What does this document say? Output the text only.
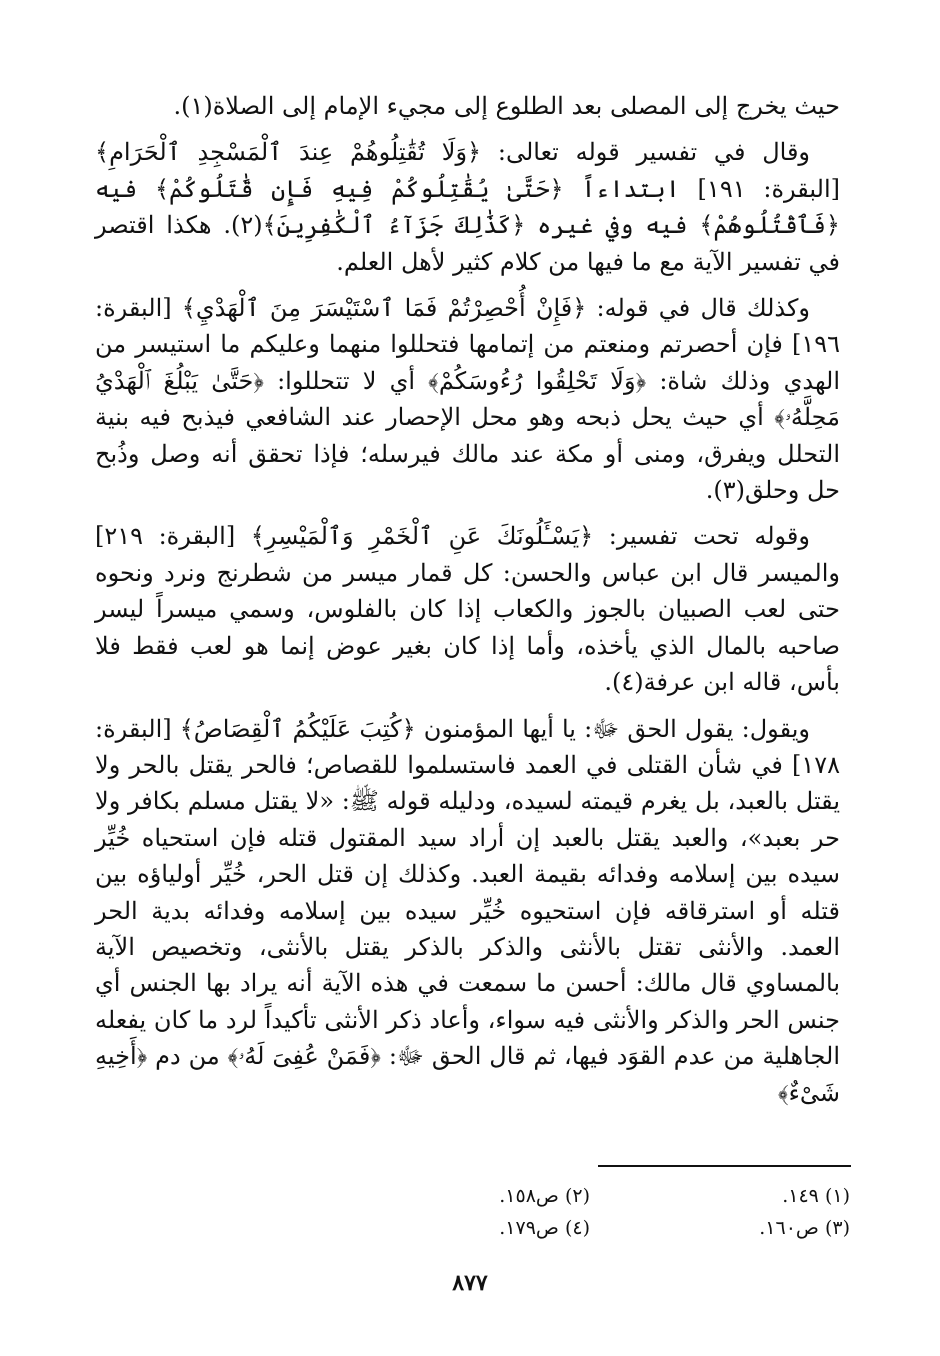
حيث يخرج إلى المصلى بعد الطلوع إلى مجيء الإمام إلى الصلاة(١).

وقال في تفسير قوله تعالى: ﴿وَلَا تُقَٰتِلُوهُمْ عِندَ ٱلْمَسْجِدِ ٱلْحَرَامِ﴾ [البقرة: ١٩١] ابتداءاً ﴿حَتَّىٰ يُقَٰتِلُوكُمْ فِيهِ فَإِن قَٰتَلُوكُمْ﴾ فيه ﴿فَٱقْتُلُوهُمْ﴾ فيه وفي غيره ﴿كَذَٰلِكَ جَزَآءُ ٱلْكَٰفِرِينَ﴾(٢). هكذا اقتصر في تفسير الآية مع ما فيها من كلام كثير لأهل العلم.

وكذلك قال في قوله: ﴿فَإِنْ أُحْصِرْتُمْ فَمَا ٱسْتَيْسَرَ مِنَ ٱلْهَدْيِ﴾ [البقرة: ١٩٦] فإن أحصرتم ومنعتم من إتمامها فتحللوا منهما وعليكم ما استيسر من الهدي وذلك شاة: ﴿وَلَا تَحْلِقُوا رُءُوسَكُمْ﴾ أي لا تتحللوا: ﴿حَتَّىٰ يَبْلُغَ ٱلْهَدْيُ مَحِلَّهُۥ﴾ أي حيث يحل ذبحه وهو محل الإحصار عند الشافعي فيذبح فيه بنية التحلل ويفرق، ومنى أو مكة عند مالك فيرسله؛ فإذا تحقق أنه وصل وذُبح حل وحلق(٣).

وقوله تحت تفسير: ﴿يَسْـَٔلُونَكَ عَنِ ٱلْخَمْرِ وَٱلْمَيْسِرِ﴾ [البقرة: ٢١٩] والميسر قال ابن عباس والحسن: كل قمار ميسر من شطرنج ونرد ونحوه حتى لعب الصبيان بالجوز والكعاب إذا كان بالفلوس، وسمي ميسراً ليسر صاحبه بالمال الذي يأخذه، وأما إذا كان بغير عوض إنما هو لعب فقط فلا بأس، قاله ابن عرفة(٤).

ويقول: يقول الحق ﷻ: يا أيها المؤمنون ﴿كُتِبَ عَلَيْكُمُ ٱلْقِصَاصُ﴾ [البقرة: ١٧٨] في شأن القتلى في العمد فاستسلموا للقصاص؛ فالحر يقتل بالحر ولا يقتل بالعبد، بل يغرم قيمته لسيده، ودليله قوله ﷺ: «لا يقتل مسلم بكافر ولا حر بعبد»، والعبد يقتل بالعبد إن أراد سيد المقتول قتله فإن استحياه خُيِّر سيده بين إسلامه وفدائه بقيمة العبد. وكذلك إن قتل الحر، خُيِّر أولياؤه بين قتله أو استرقاقه فإن استحيوه خُيِّر سيده بين إسلامه وفدائه بدية الحر العمد. والأنثى تقتل بالأنثى والذكر بالذكر يقتل بالأنثى، وتخصيص الآية بالمساوي قال مالك: أحسن ما سمعت في هذه الآية أنه يراد بها الجنس أي جنس الحر والذكر والأنثى فيه سواء، وأعاد ذكر الأنثى تأكيداً لرد ما كان يفعله الجاهلية من عدم القوَد فيها، ثم قال الحق ﷻ: ﴿فَمَنْ عُفِىَ لَهُۥ﴾ من دم ﴿أَخِيهِ شَىْءٌ﴾

(١) ١٤٩.
(٢) ص١٥٨.
(٣) ص١٦٠.
(٤) ص١٧٩.
٨٧٧
